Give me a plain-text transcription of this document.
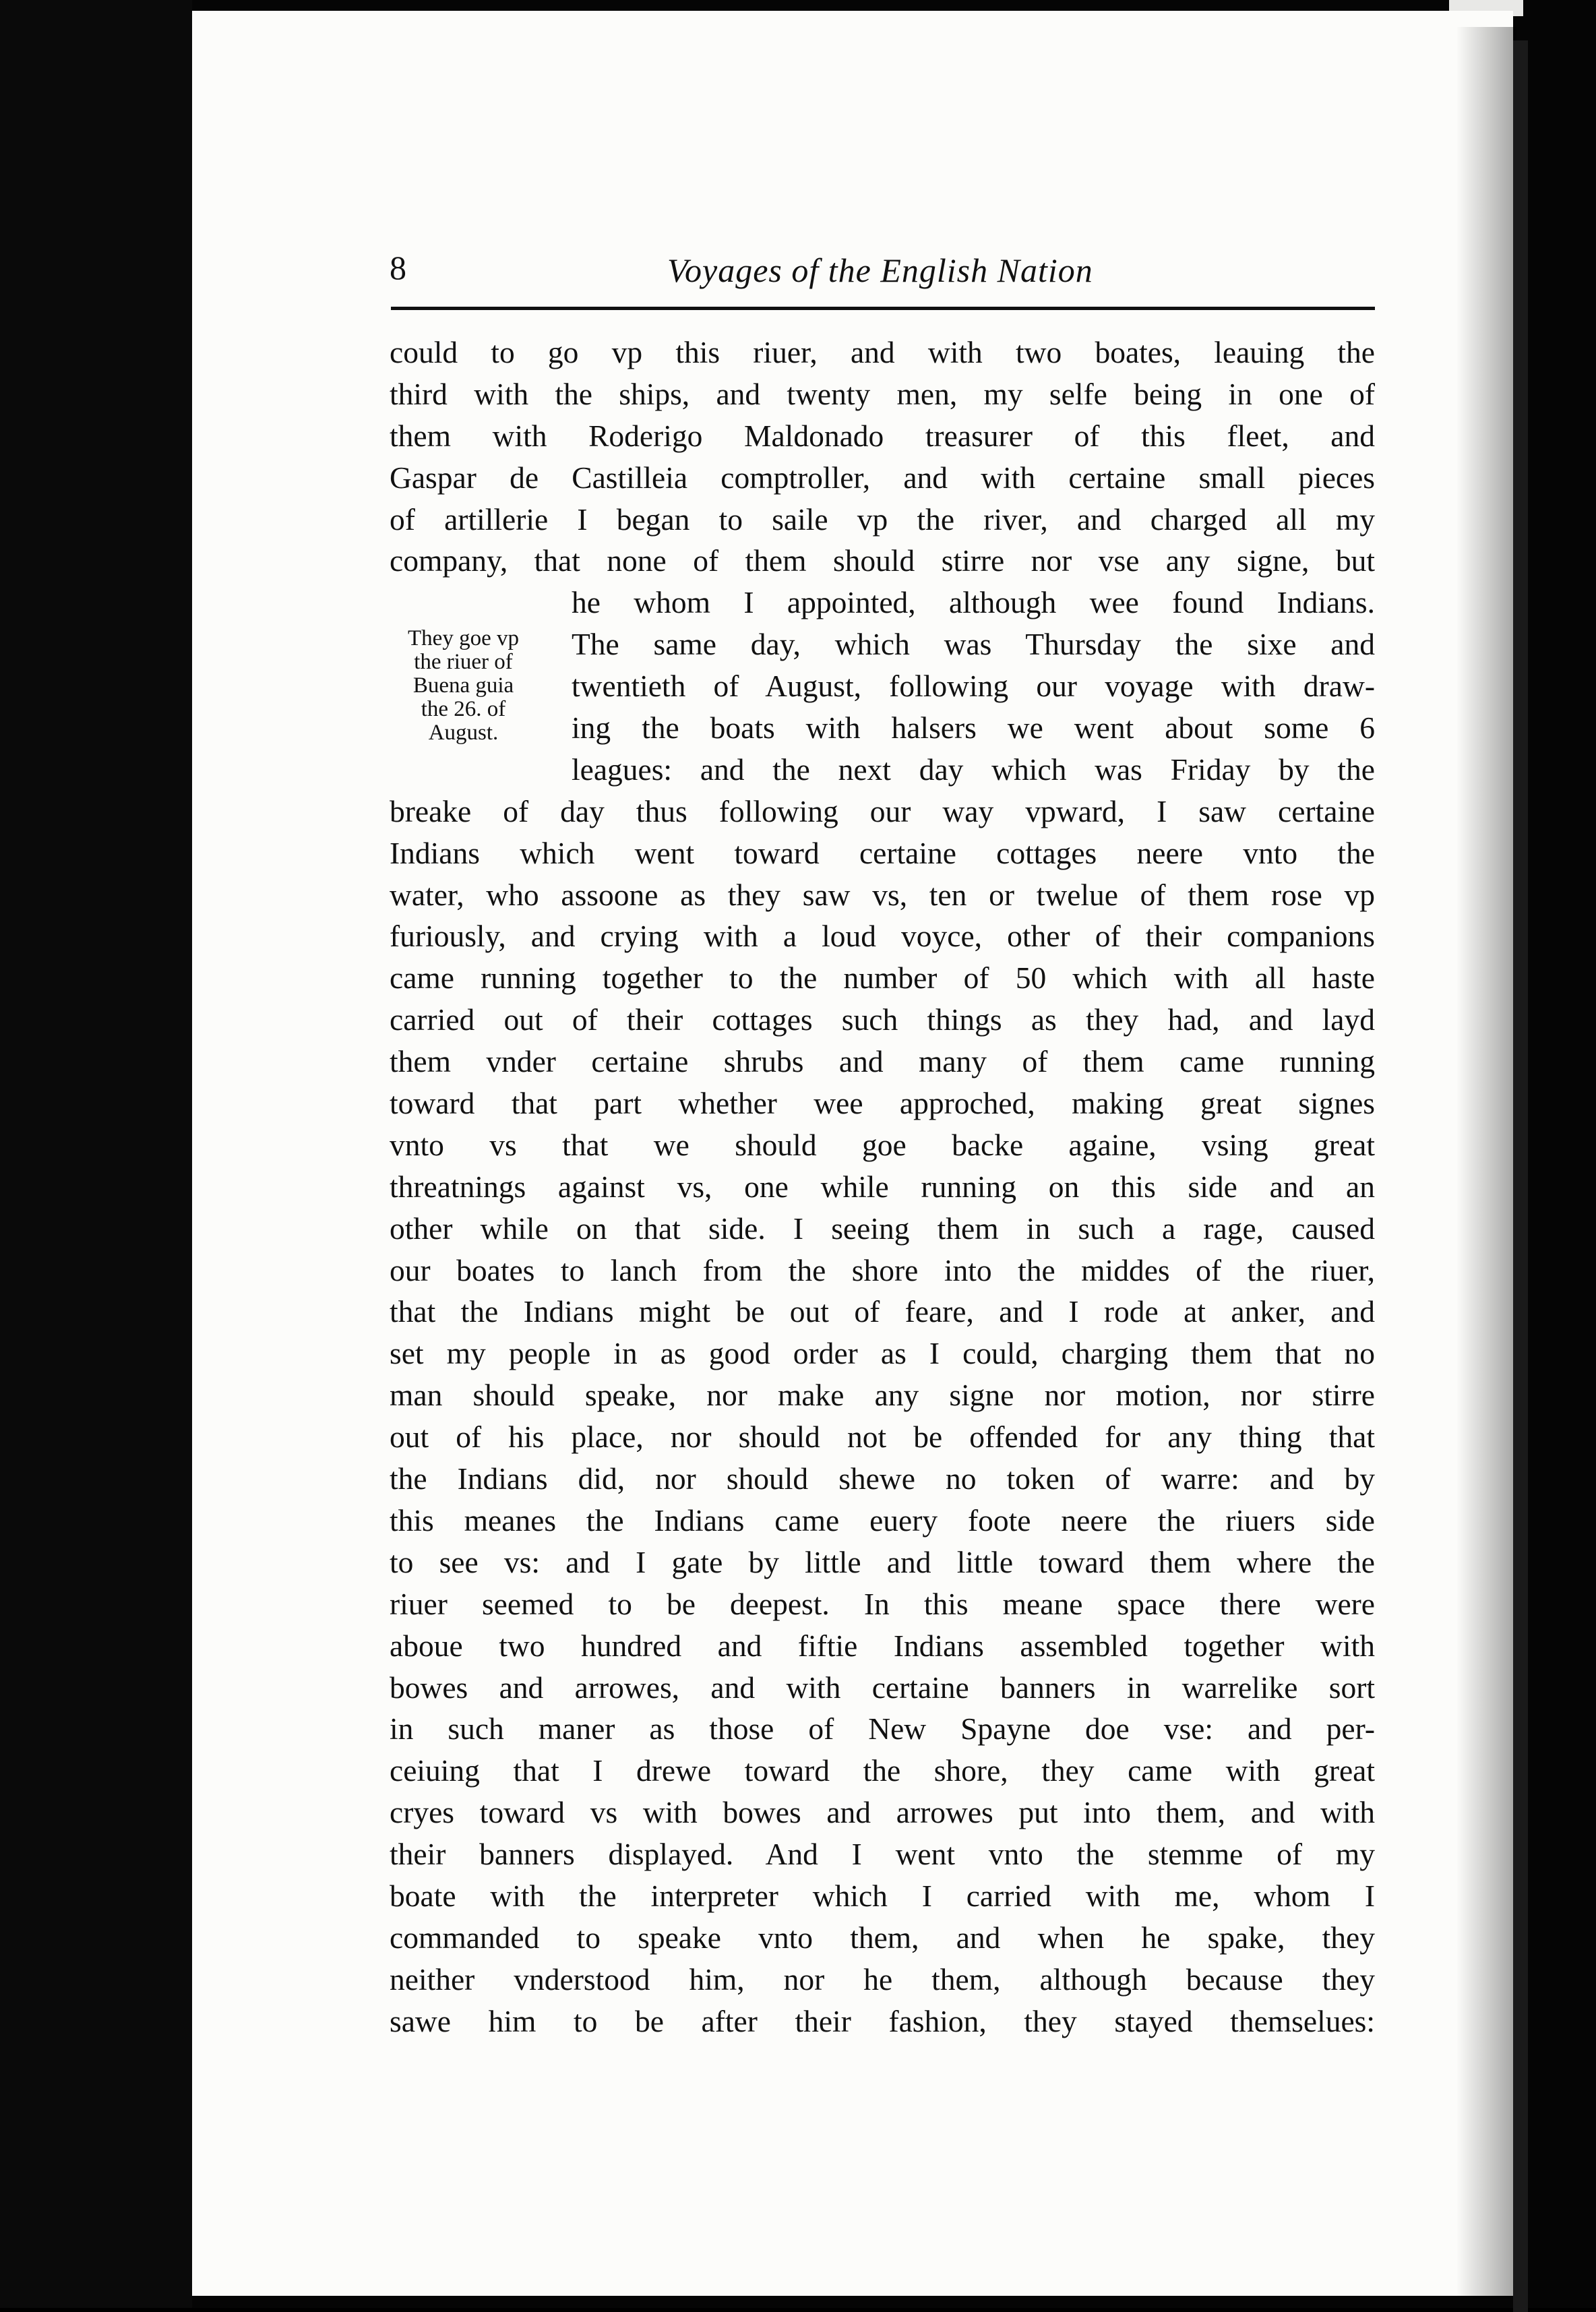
8	Voyages of the English Nation
They goe vp
the riuer of
Buena guia
the 26. of
August.
could to go vp this riuer, and with two boates, leauing the
third with the ships, and twenty men, my selfe being in one of
them with Roderigo Maldonado treasurer of this fleet, and
Gaspar de Castilleia comptroller, and with certaine small pieces
of artillerie I began to saile vp the river, and charged all my
company, that none of them should stirre nor vse any signe, but
he whom I appointed, although wee found Indians.
The same day, which was Thursday the sixe and
twentieth of August, following our voyage with draw-
ing the boats with halsers we went about some 6
leagues: and the next day which was Friday by the
breake of day thus following our way vpward, I saw certaine
Indians which went toward certaine cottages neere vnto the
water, who assoone as they saw vs, ten or twelue of them rose vp
furiously, and crying with a loud voyce, other of their companions
came running together to the number of 50 which with all haste
carried out of their cottages such things as they had, and layd
them vnder certaine shrubs and many of them came running
toward that part whether wee approched, making great signes
vnto vs that we should goe backe againe, vsing great
threatnings against vs, one while running on this side and an
other while on that side. I seeing them in such a rage, caused
our boates to lanch from the shore into the middes of the riuer,
that the Indians might be out of feare, and I rode at anker, and
set my people in as good order as I could, charging them that no
man should speake, nor make any signe nor motion, nor stirre
out of his place, nor should not be offended for any thing that
the Indians did, nor should shewe no token of warre: and by
this meanes the Indians came euery foote neere the riuers side
to see vs: and I gate by little and little toward them where the
riuer seemed to be deepest. In this meane space there were
aboue two hundred and fiftie Indians assembled together with
bowes and arrowes, and with certaine banners in warrelike sort
in such maner as those of New Spayne doe vse: and per-
ceiuing that I drewe toward the shore, they came with great
cryes toward vs with bowes and arrowes put into them, and with
their banners displayed. And I went vnto the stemme of my
boate with the interpreter which I carried with me, whom I
commanded to speake vnto them, and when he spake, they
neither vnderstood him, nor he them, although because they
sawe him to be after their fashion, they stayed themselues:
